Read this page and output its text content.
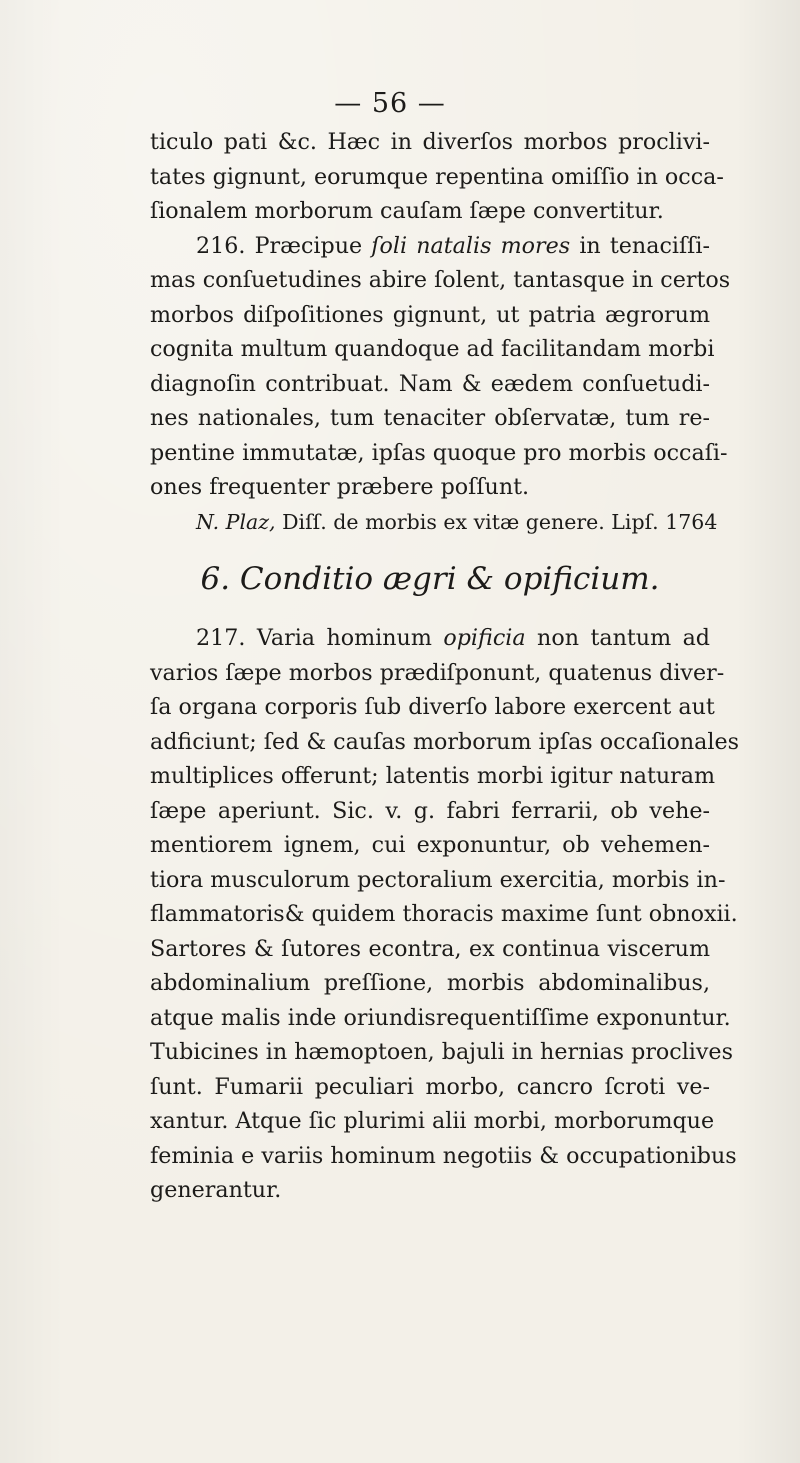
— 56 —
ticulo pati &c. Hæc in diverſos morbos proclivi-
tates gignunt, eorumque repentina omiſſio in occa-
ſionalem morborum cauſam ſæpe convertitur.
216. Præcipue ſoli natalis mores in tenaciſſi-
mas conſuetudines abire ſolent, tantasque in certos
morbos diſpoſitiones gignunt, ut patria ægrorum
cognita multum quandoque ad facilitandam morbi
diagnoſin contribuat. Nam & eædem conſuetudi-
nes nationales, tum tenaciter obſervatæ, tum re-
pentine immutatæ, ipſas quoque pro morbis occaſi-
ones frequenter præbere poſſunt.
N. Plaz, Diſſ. de morbis ex vitæ genere. Lipſ. 1764
6. Conditio ægri & opificium.
217. Varia hominum opificia non tantum ad
varios ſæpe morbos prædiſponunt, quatenus diver-
ſa organa corporis ſub diverſo labore exercent aut
adficiunt; ſed & cauſas morborum ipſas occaſionales
multiplices offerunt; latentis morbi igitur naturam
ſæpe aperiunt. Sic. v. g. fabri ferrarii, ob vehe-
mentiorem ignem, cui exponuntur, ob vehemen-
tiora musculorum pectoralium exercitia, morbis in-
flammatoris& quidem thoracis maxime ſunt obnoxii.
Sartores & ſutores econtra, ex continua viscerum
abdominalium preſſione, morbis abdominalibus,
atque malis inde oriundisrequentiſſime exponuntur.
Tubicines in hæmoptoen, bajuli in hernias proclives
ſunt. Fumarii peculiari morbo, cancro ſcroti ve-
xantur. Atque ſic plurimi alii morbi, morborumque
feminia e variis hominum negotiis & occupationibus
generantur.
